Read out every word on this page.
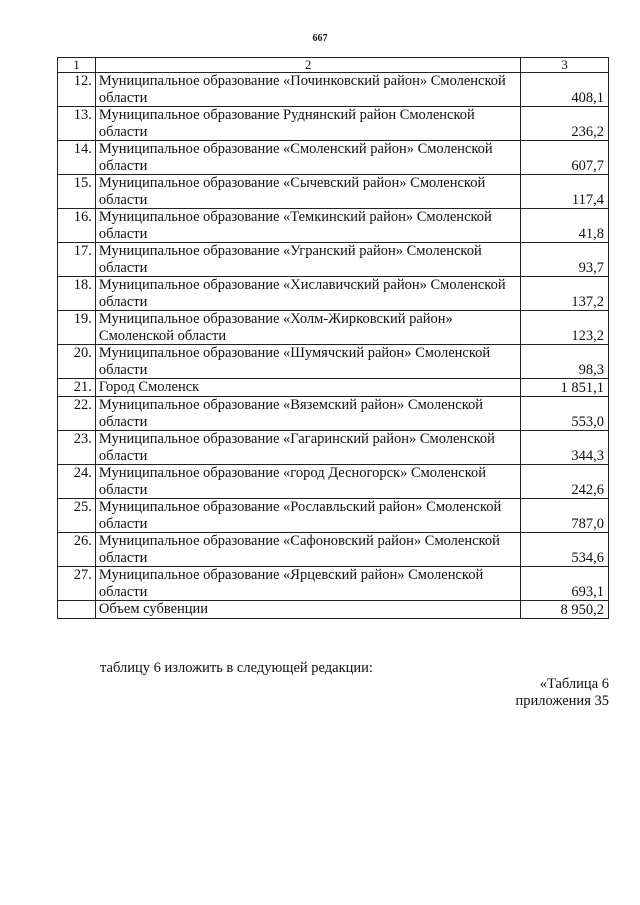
667
1	2	3
12.	Муниципальное образование «Починковский район» Смоленской области	408,1
13.	Муниципальное образование Руднянский район Смоленской области	236,2
14.	Муниципальное образование «Смоленский район» Смоленской области	607,7
15.	Муниципальное образование «Сычевский район» Смоленской области	117,4
16.	Муниципальное образование «Темкинский район» Смоленской области	41,8
17.	Муниципальное образование «Угранский район» Смоленской области	93,7
18.	Муниципальное образование «Хиславичский район» Смоленской области	137,2
19.	Муниципальное образование «Холм-Жирковский район» Смоленской области	123,2
20.	Муниципальное образование «Шумячский район» Смоленской области	98,3
21.	Город Смоленск	1 851,1
22.	Муниципальное образование «Вяземский район» Смоленской области	553,0
23.	Муниципальное образование «Гагаринский район» Смоленской области	344,3
24.	Муниципальное образование «город Десногорск» Смоленской области	242,6
25.	Муниципальное образование «Рославльский район» Смоленской области	787,0
26.	Муниципальное образование «Сафоновский район» Смоленской области	534,6
27.	Муниципальное образование «Ярцевский район» Смоленской области	693,1
	Объем субвенции	8 950,2
таблицу 6 изложить в следующей редакции:
«Таблица 6
приложения 35
